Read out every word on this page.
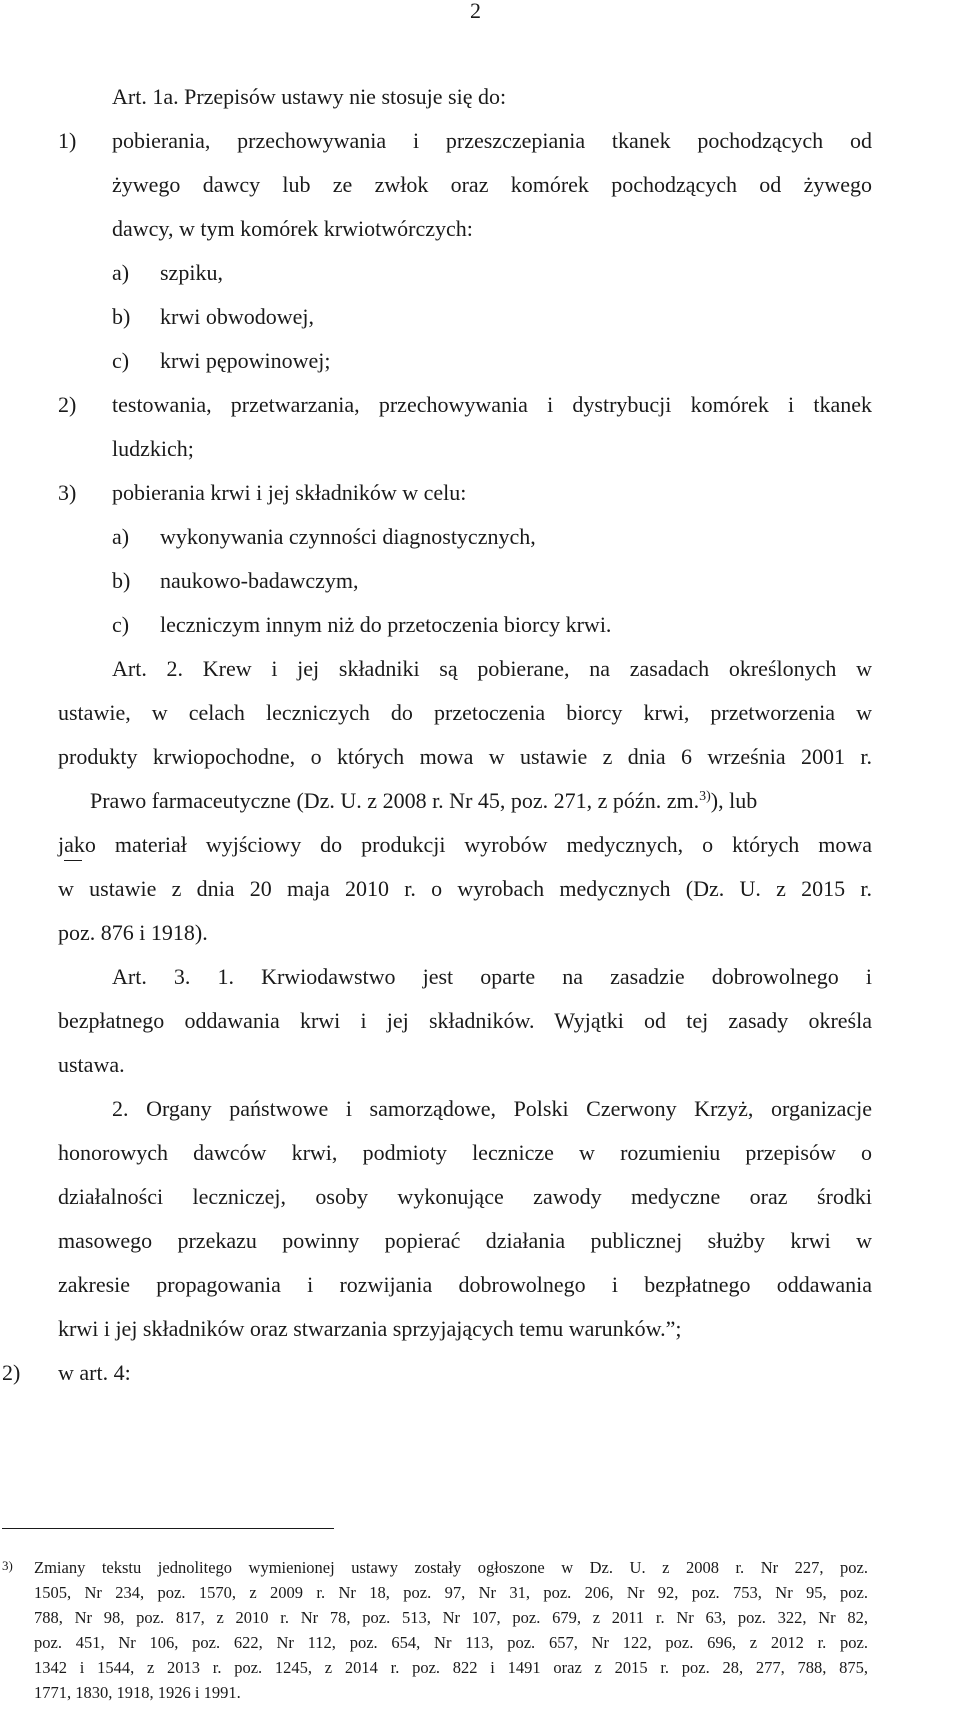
2
Art. 1a. Przepisów ustawy nie stosuje się do:
1) pobierania, przechowywania i przeszczepiania tkanek pochodzących od
żywego dawcy lub ze zwłok oraz komórek pochodzących od żywego
dawcy, w tym komórek krwiotwórczych:
a) szpiku,
b) krwi obwodowej,
c) krwi pępowinowej;
2) testowania, przetwarzania, przechowywania i dystrybucji komórek i tkanek
ludzkich;
3) pobierania krwi i jej składników w celu:
a) wykonywania czynności diagnostycznych,
b) naukowo-badawczym,
c) leczniczym innym niż do przetoczenia biorcy krwi.
Art. 2. Krew i jej składniki są pobierane, na zasadach określonych w
ustawie, w celach leczniczych do przetoczenia biorcy krwi, przetworzenia w
produkty krwiopochodne, o których mowa w ustawie z dnia 6 września 2001 r.
Prawo farmaceutyczne (Dz. U. z 2008 r. Nr 45, poz. 271, z późn. zm.$^{3)}$), lub
jako materiał wyjściowy do produkcji wyrobów medycznych, o których mowa
w ustawie z dnia 20 maja 2010 r. o wyrobach medycznych (Dz. U. z 2015 r.
poz. 876 i 1918).
Art. 3. 1. Krwiodawstwo jest oparte na zasadzie dobrowolnego i
bezpłatnego oddawania krwi i jej składników. Wyjątki od tej zasady określa
ustawa.
2. Organy państwowe i samorządowe, Polski Czerwony Krzyż, organizacje
honorowych dawców krwi, podmioty lecznicze w rozumieniu przepisów o
działalności leczniczej, osoby wykonujące zawody medyczne oraz środki
masowego przekazu powinny popierać działania publicznej służby krwi w
zakresie propagowania i rozwijania dobrowolnego i bezpłatnego oddawania
krwi i jej składników oraz stwarzania sprzyjających temu warunków.”;
2) w art. 4:
3) Zmiany tekstu jednolitego wymienionej ustawy zostały ogłoszone w Dz. U. z 2008 r. Nr 227, poz.
1505, Nr 234, poz. 1570, z 2009 r. Nr 18, poz. 97, Nr 31, poz. 206, Nr 92, poz. 753, Nr 95, poz.
788, Nr 98, poz. 817, z 2010 r. Nr 78, poz. 513, Nr 107, poz. 679, z 2011 r. Nr 63, poz. 322, Nr 82,
poz. 451, Nr 106, poz. 622, Nr 112, poz. 654, Nr 113, poz. 657, Nr 122, poz. 696, z 2012 r. poz.
1342 i 1544, z 2013 r. poz. 1245, z 2014 r. poz. 822 i 1491 oraz z 2015 r. poz. 28, 277, 788, 875,
1771, 1830, 1918, 1926 i 1991.
